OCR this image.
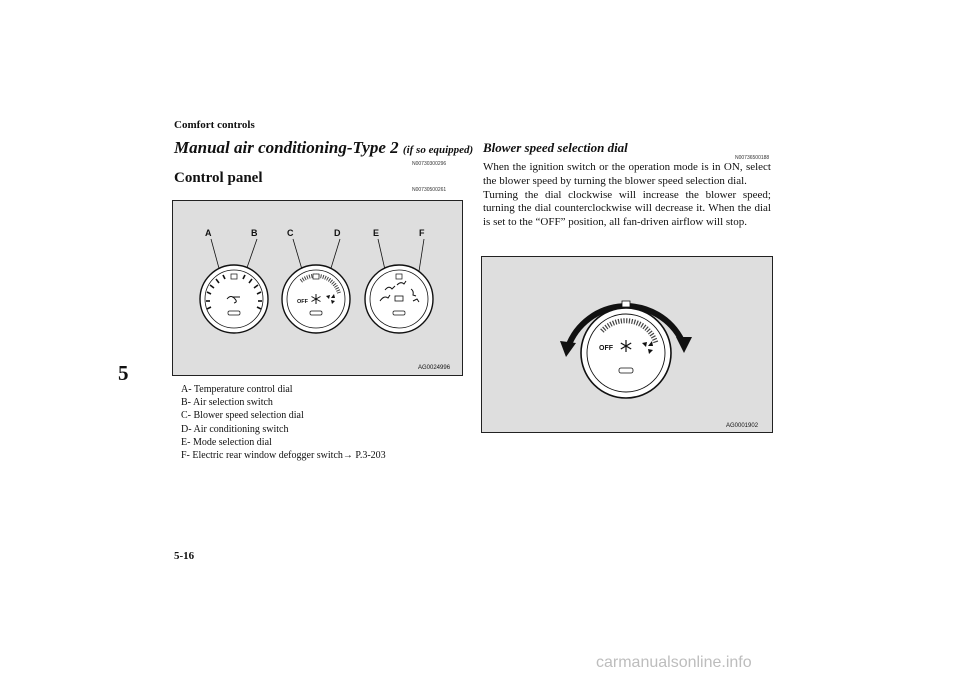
Comfort controls
Manual air conditioning-Type 2 (if so equipped)
N00730300296
Control panel
N00730500261
A	B	C	D	E	F
OFF
AG0024996
A- Temperature control dial
B- Air selection switch
C- Blower speed selection dial
D- Air conditioning switch
E- Mode selection dial
F- Electric rear window defogger switch→ P.3-203
5
Blower speed selection dial
N00736500188

When the ignition switch or the operation mode is in ON, select the blower speed by turning the blower speed selection dial.

Turning the dial clockwise will increase the blower speed; turning the dial counterclockwise will decrease it. When the dial is set to the “OFF” position, all fan-driven airflow will stop.

OFF
AG0001902
5-16
carmanualsonline.info
